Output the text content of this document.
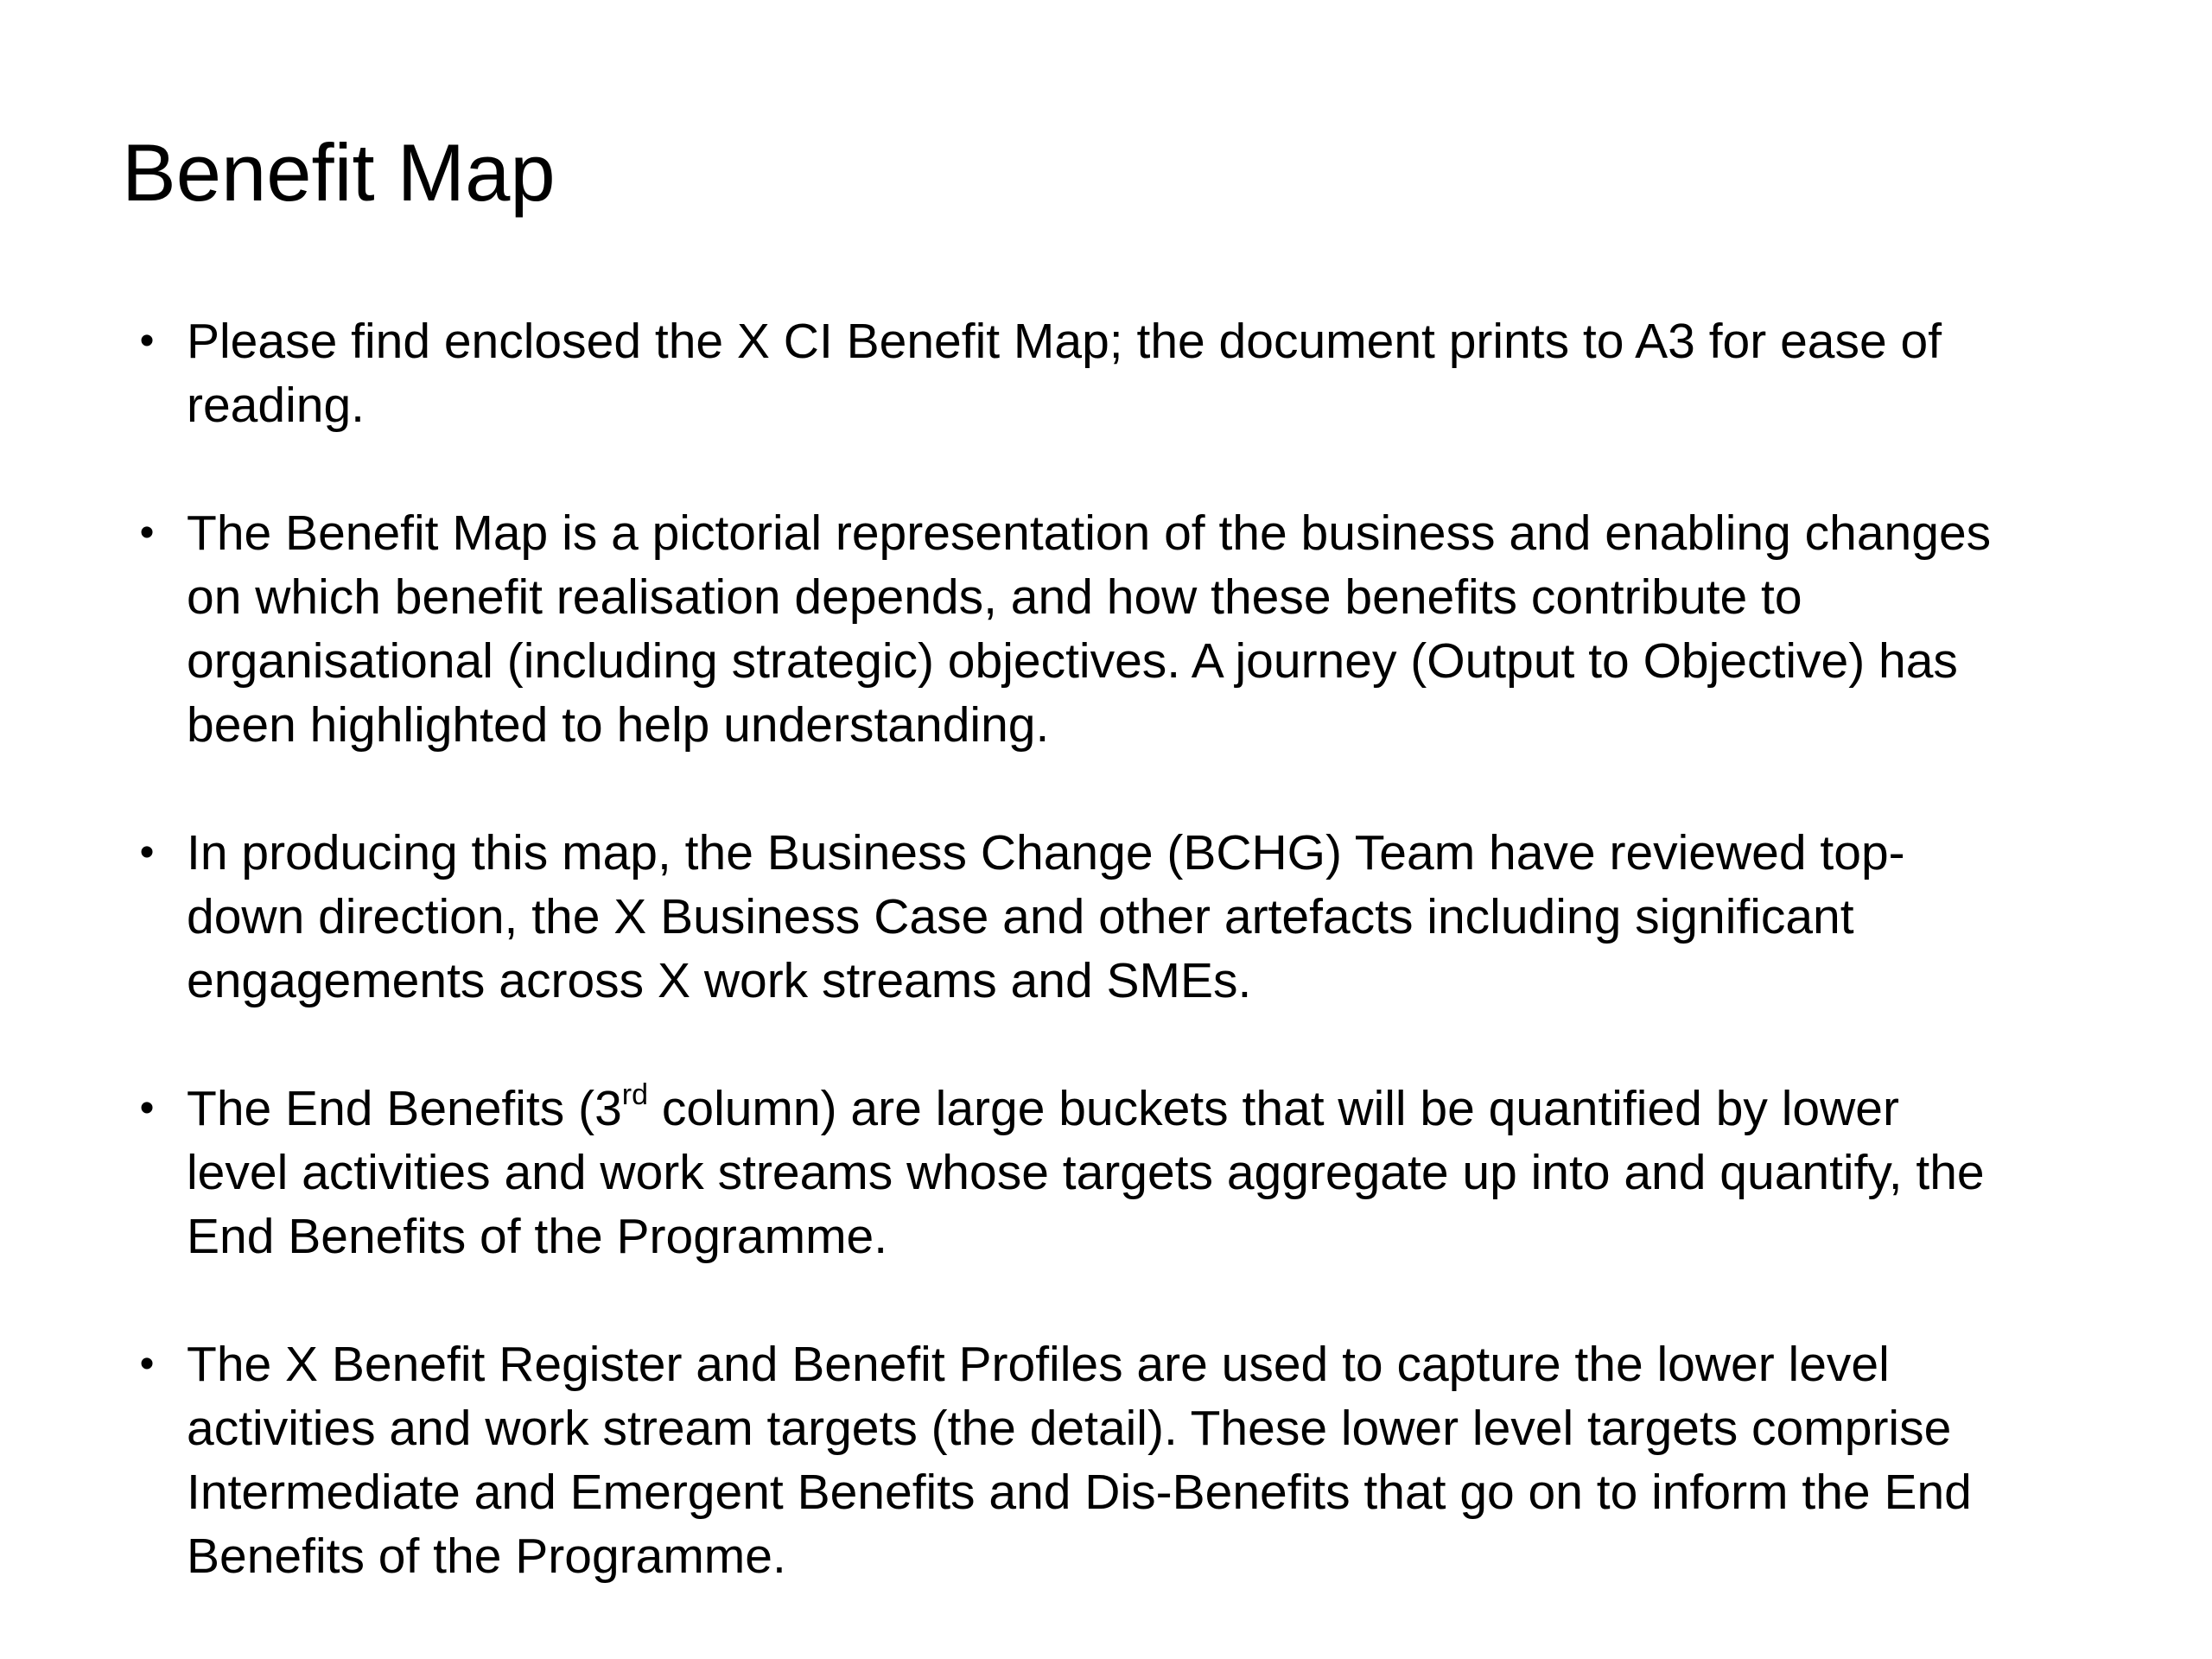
Benefit Map
• Please find enclosed the X CI Benefit Map; the document prints to A3 for ease of
reading.
• The Benefit Map is a pictorial representation of the business and enabling changes
on which benefit realisation depends, and how these benefits contribute to
organisational (including strategic) objectives. A journey (Output to Objective) has
been highlighted to help understanding.
• In producing this map, the Business Change (BCHG) Team have reviewed top-
down direction, the X Business Case and other artefacts including significant
engagements across X work streams and SMEs.
• The End Benefits (3rd column) are large buckets that will be quantified by lower
level activities and work streams whose targets aggregate up into and quantify, the
End Benefits of the Programme.
• The X Benefit Register and Benefit Profiles are used to capture the lower level
activities and work stream targets (the detail). These lower level targets comprise
Intermediate and Emergent Benefits and Dis-Benefits that go on to inform the End
Benefits of the Programme.
